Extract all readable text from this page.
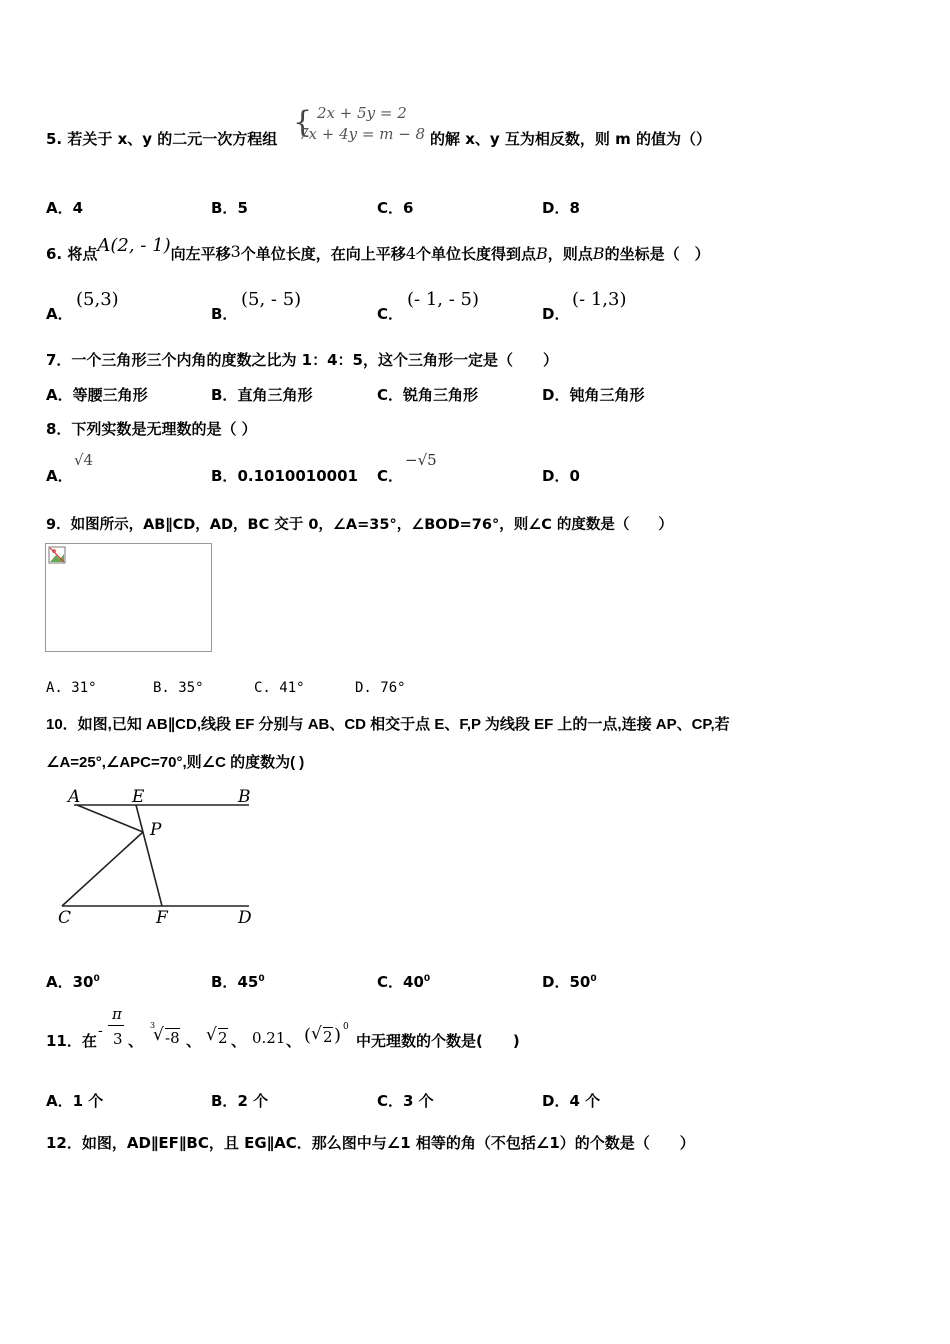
5. 若关于 x、y 的二元一次方程组 { 2x + 5y = 2
7x + 4y = m − 8 的解 x、y 互为相反数，则 m 的值为（）
A．4	B．5	C．6	D．8
6. 将点A(2, - 1)向左平移3个单位长度，在向上平移4个单位长度得到点B，则点B的坐标是（　）
A．
(5,3)
B．
(5, - 5)
C．
(- 1, - 5)
D．
(- 1,3)
7．一个三角形三个内角的度数之比为 1：4：5，这个三角形一定是（　　）
A．等腰三角形	B．直角三角形	C．锐角三角形	D．钝角三角形
8．下列实数是无理数的是（ ）
A．
√4
B．0.1010010001 C．
−√5
D．0
9．如图所示，AB∥CD，AD，BC 交于 0，∠A=35°，∠BOD=76°，则∠C 的度数是（　　）
A. 31°	B. 35°	C. 41°	D. 76°
10．如图,已知 AB∥CD,线段 EF 分别与 AB、CD 相交于点 E、F,P 为线段 EF 上的一点,连接 AP、CP,若
∠A=25°,∠APC=70°,则∠C 的度数为( )
A	E	B
P
C	F	D
A．$30^0$	B．$45^0$	C．$40^0$	D．$50^0$
11．在
-
π
3 、
3
√ -8 、 √ 2 、 0.21 、 ( √ 2 ) 0
中无理数的个数是(　　)
A．1 个	B．2 个	C．3 个	D．4 个
12．如图，AD∥EF∥BC，且 EG∥AC．那么图中与∠1 相等的角（不包括∠1）的个数是（　　）
